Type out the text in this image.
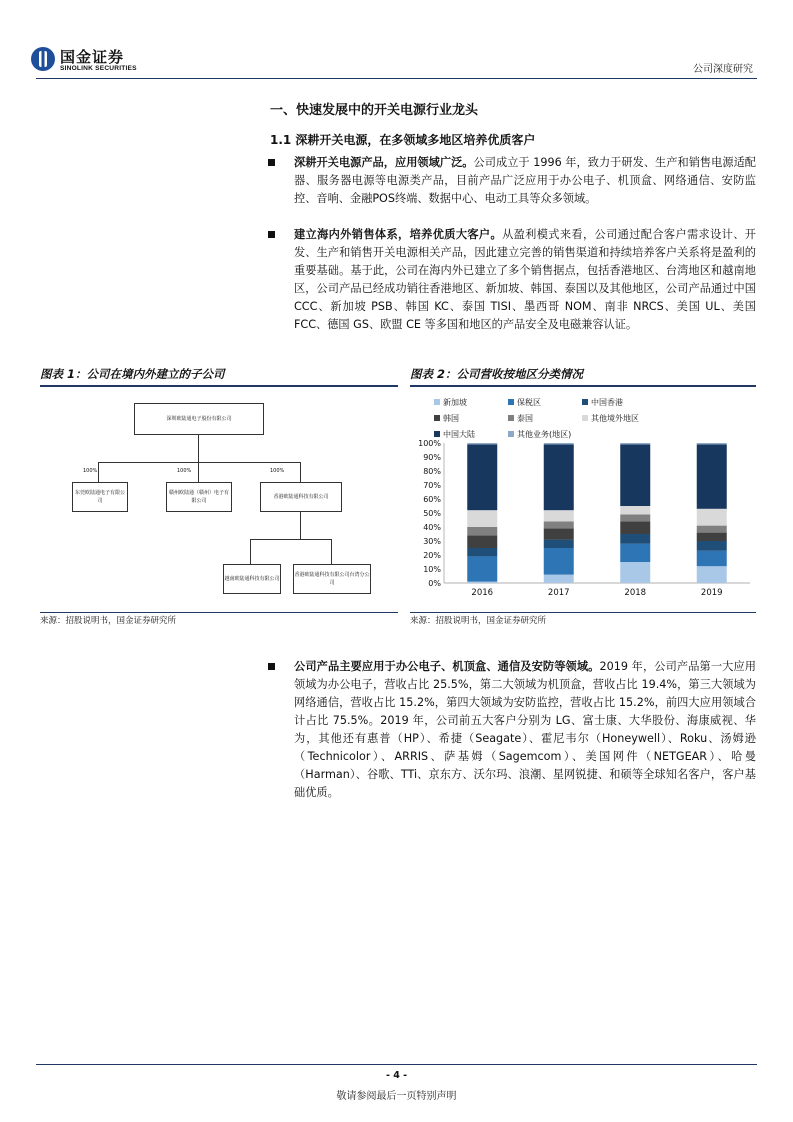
国金证券
SINOLINK SECURITIES	公司深度研究
一、快速发展中的开关电源行业龙头
1.1 深耕开关电源，在多领域多地区培养优质客户
深耕开关电源产品，应用领域广泛。公司成立于 1996 年，致力于研发、生产和销售电源适配器、服务器电源等电源类产品，目前产品广泛应用于办公电子、机顶盒、网络通信、安防监控、音响、金融POS终端、数据中心、电动工具等众多领域。
建立海内外销售体系，培养优质大客户。从盈利模式来看，公司通过配合客户需求设计、开发、生产和销售开关电源相关产品，因此建立完善的销售渠道和持续培养客户关系将是盈利的重要基础。基于此，公司在海内外已建立了多个销售据点，包括香港地区、台湾地区和越南地区，公司产品已经成功销往香港地区、新加坡、韩国、泰国以及其他地区，公司产品通过中国 CCC、新加坡 PSB、韩国 KC、泰国 TISI、墨西哥 NOM、南非 NRCS、美国 UL、美国 FCC、德国 GS、欧盟 CE 等多国和地区的产品安全及电磁兼容认证。
图表 1：公司在境内外建立的子公司
深圳欧陆通电子股份有限公司
100%	100%	100%
东莞欧陆通电子有限公司
赣州欧陆通（赣州）电子有限公司
香港欧陆通科技有限公司
越南欧陆通科技有限公司
香港欧陆通科技有限公司台湾分公司
来源：招股说明书，国金证券研究所
图表 2：公司营收按地区分类情况
新加坡	保税区	中国香港
韩国	泰国	其他境外地区
中国大陆	其他业务(地区)
0%
10%
20%
30%
40%
50%
60%
70%
80%
90%
100%
2016	2017	2018	2019
来源：招股说明书，国金证券研究所
公司产品主要应用于办公电子、机顶盒、通信及安防等领域。2019 年，公司产品第一大应用领域为办公电子，营收占比 25.5%，第二大领域为机顶盒，营收占比 19.4%，第三大领域为网络通信，营收占比 15.2%，第四大领域为安防监控，营收占比 15.2%，前四大应用领域合计占比 75.5%。2019 年，公司前五大客户分别为 LG、富士康、大华股份、海康威视、华为，其他还有惠普（HP）、希捷（Seagate）、霍尼韦尔（Honeywell）、Roku、汤姆逊（Technicolor）、ARRIS、萨基姆（Sagemcom）、美国网件（NETGEAR）、哈曼（Harman）、谷歌、TTi、京东方、沃尔玛、浪潮、星网锐捷、和硕等全球知名客户，客户基础优质。
- 4 -
敬请参阅最后一页特别声明
